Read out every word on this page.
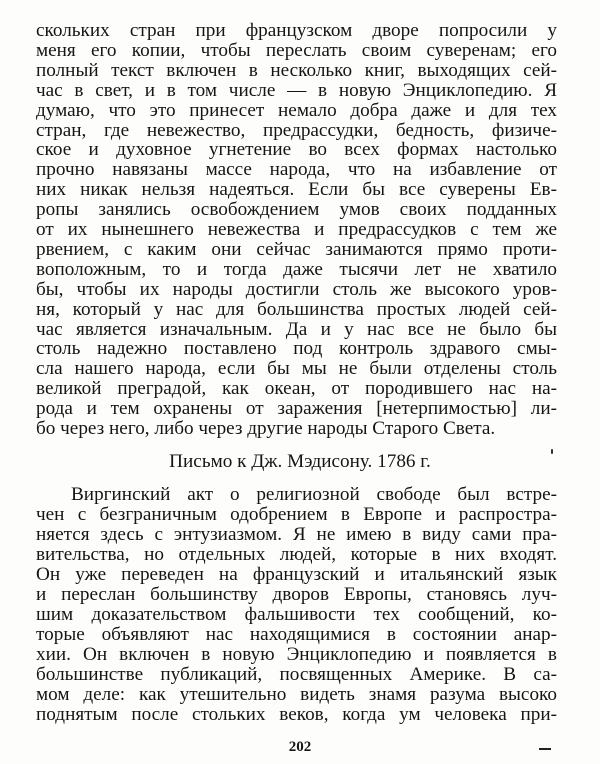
скольких стран при французском дворе попросили у
меня его копии, чтобы переслать своим суверенам; его
полный текст включен в несколько книг, выходящих сей-
час в свет, и в том числе — в новую Энциклопедию. Я
думаю, что это принесет немало добра даже и для тех
стран, где невежество, предрассудки, бедность, физиче-
ское и духовное угнетение во всех формах настолько
прочно навязаны массе народа, что на избавление от
них никак нельзя надеяться. Если бы все суверены Ев-
ропы занялись освобождением умов своих подданных
от их нынешнего невежества и предрассудков с тем же
рвением, с каким они сейчас занимаются прямо проти-
воположным, то и тогда даже тысячи лет не хватило
бы, чтобы их народы достигли столь же высокого уров-
ня, который у нас для большинства простых людей сей-
час является изначальным. Да и у нас все не было бы
столь надежно поставлено под контроль здравого смы-
сла нашего народа, если бы мы не были отделены столь
великой преградой, как океан, от породившего нас на-
рода и тем охранены от заражения [нетерпимостью] ли-
бо через него, либо через другие народы Старого Света.
Письмо к Дж. Мэдисону. 1786 г.
Виргинский акт о религиозной свободе был встре-
чен с безграничным одобрением в Европе и распростра-
няется здесь с энтузиазмом. Я не имею в виду сами пра-
вительства, но отдельных людей, которые в них входят.
Он уже переведен на французский и итальянский язык
и переслан большинству дворов Европы, становясь луч-
шим доказательством фальшивости тех сообщений, ко-
торые объявляют нас находящимися в состоянии анар-
хии. Он включен в новую Энциклопедию и появляется в
большинстве публикаций, посвященных Америке. В са-
мом деле: как утешительно видеть знамя разума высоко
поднятым после стольких веков, когда ум человека при-
202
